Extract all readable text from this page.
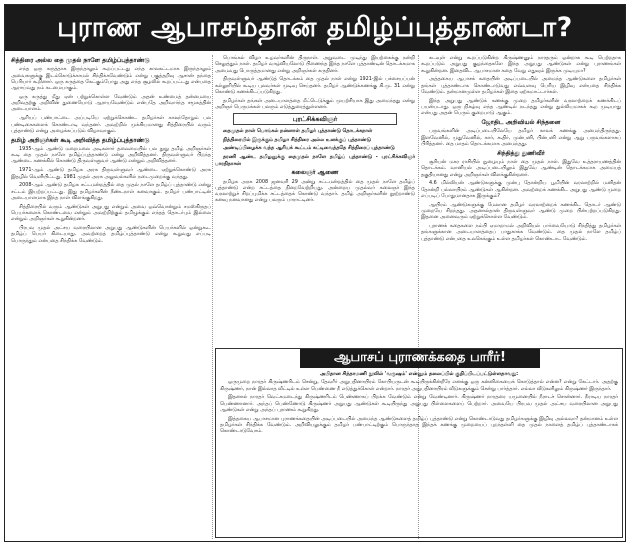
புராண ஆபாசம்தான் தமிழ்ப்புத்தாண்டா?
சித்திரை அல்ல தை முதல் நாளே தமிழ்ப்புத்தாண்டு

எந்த ஒரு கருத்தாக இருந்தாலும் கூறப்பட்டது எந்த காலகட்டமாக இருந்தாலும் அவைகளுக்கு இடம்கொடுக்காமல் சிந்திக்கவேண்டும் என்று பகுத்தறிவு ஆசான் தந்தை பெரியார் கூறினார். ஒரு கருத்தை கேட்கும்போது அது எந்த சூழலில் கூறப்பட்டது என்பதை ஆராய்வது நம் கடமையாகும்.

ஒரு கருத்து மீது ஏன் பற்றுக்கொள்ள வேண்டும் அதன் உண்மைத் தன்மையை அறிவதற்கு அறிவின் துணையோடு ஆராயவேண்டும் என்பதே அறிவார்ந்த சமூகத்தின் அடையாளம்.

ஆரியப் பண்பாட்டை அப்படியே ஏற்றுக்கொண்ட தமிழர்கள் காலந்தோறும் பல பண்டிகைகளைக் கொண்டாடி வந்தனர். அவற்றில் முக்கியமானது சித்திரையில் வரும் புத்தாண்டு என்று அழைக்கப்படும் விழாவாகும்.

தமிழ் அறிஞர்கள் கூடி அறிவித்த தமிழ்ப்புத்தாண்டு

1935-ஆம் ஆண்டு மறைமலை அடிகளார் தலைமையில் பல நூறு தமிழ் அறிஞர்கள் கூடி தை முதல் நாளே தமிழ்ப்புத்தாண்டு என்று அறிவித்தனர். திருவள்ளுவர் பிறந்த ஆண்டை கணக்கில் கொண்டு திருவள்ளுவர் ஆண்டு என்றும் அறிவித்தனர்.

1971-ஆம் ஆண்டு தமிழக அரசு திருவள்ளுவர் ஆண்டை ஏற்றுக்கொண்டு அரசு இதழில் வெளியிட்டது. 1981 முதல் அரசு அலுவல்களில் நடைமுறைக்கு வந்தது.

2008-ஆம் ஆண்டு தமிழக சட்டமன்றத்தில் தை முதல் நாளே தமிழ்ப் புத்தாண்டு என்று சட்டம் இயற்றப்பட்டது. இது தமிழர்களின் நீண்டநாள் கனவாகும். தமிழர் பண்பாட்டின் அடையாளமாக இந்த நாள் விளங்குகிறது.

சித்திரையில் வரும் ஆண்டுகள் அறுபது என்றும் அவை ஒவ்வொன்றும் சமஸ்கிருதப் பெயர்களைக் கொண்டவை என்றும் அவற்றிற்கும் தமிழுக்கும் எந்தத் தொடர்பும் இல்லை என்றும் அறிஞர்கள் கூறுகின்றனர்.

பிரபவ முதல் அட்சய வரையிலான அறுபது ஆண்டுகளின் பெயர்களில் ஒன்றுகூட தமிழ்ப் பெயர் கிடையாது. அவற்றைத் தமிழ்ப்புத்தாண்டு என்று கூறுவது எப்படி பொருந்தும் என்பதை சிந்திக்க வேண்டும்.

பொங்கல் விழா உழவர்களின் திருநாள். அறுவடை முடிந்து இயற்கைக்கு நன்றி செலுத்தும் நாள். தமிழர் வாழ்வியலோடு பிணைந்த இந்த நாளே புத்தாண்டின் தொடக்கமாக அமைவது பொருத்தமானது என்று அறிஞர்கள் கருதினர்.

திருவள்ளுவர் ஆண்டுத் தொடக்கம் தை முதல் நாள் என்று 1921-இல் பச்சையப்பன் கல்லூரியில் கூடிய புலவர்கள் முடிவு செய்தனர். தமிழர் ஆண்டுக்கணக்கு கி.மு. 31 என்று கொண்டு கணக்கிடப்படுகிறது.

தமிழர்கள் தங்கள் அடையாளத்தை மீட்டெடுக்கும் முயற்சியாக இது அமைந்தது என்று அறிஞர் பெருமக்கள் பலரும் எடுத்துரைத்துள்ளனர்.

புரட்சிக்கவிஞர்

தைமுதல் நாள் பொங்கல் நன்னாள் தமிழர் புத்தாண்டு தொடக்கநாள்

நித்திரையில் இருக்கும் தமிழா சித்திரை அல்ல உனக்குப் புத்தாண்டு

அண்டிப்பிழைக்க வந்த ஆரியக் கூட்டம் கட்டிவைத்ததே சித்திரைப் புத்தாண்டு

தரணி ஆண்ட தமிழனுக்கு தைமுதல் நாளே தமிழ்ப் புத்தாண்டு - புரட்சிக்கவிஞர் பாரதிதாசன்

கலைஞர் ஆணை

தமிழக அரசு 2008 ஜனவரி 29 அன்று சட்டமன்றத்தில் தை முதல் நாளே தமிழ்ப் புத்தாண்டு என்ற சட்டத்தை நிறைவேற்றியது. அன்றைய முதல்வர் கலைஞர் இந்த வரலாற்றுச் சிறப்புமிக்க சட்டத்தைக் கொண்டு வந்தார். தமிழ் அறிஞர்களின் நூற்றாண்டு கனவு நனவானது என்று பலரும் பாராட்டினர்.

கடவுள் என்று கூறப்படுகின்ற கிருஷ்ணனும் நாரதரும் ஒன்றாக கூடி பெற்றதாக கூறப்படும் அறுபது குழந்தைகளே இந்த அறுபது ஆண்டுகள் என்று புராணங்கள் கூறுகின்றன. இதைவிட ஆபாசமான கதை வேறு எதுவும் இருக்க முடியுமா?

அத்தகைய ஆபாசக் கதையின் அடிப்படையில் அமைந்த ஆண்டுகளை தமிழர்கள் தங்கள் புத்தாண்டாக கொண்டாடுவது எவ்வளவு பெரிய இழிவு என்பதை சிந்திக்க வேண்டும். தன்மானமுள்ள தமிழர்கள் இதை ஏற்கமாட்டார்கள்.

இந்த அறுபது ஆண்டுக் கணக்கு முறை தமிழர்களின் வரலாற்றைக் கணக்கிடப் பயன்படாது. ஒரு நிகழ்வு எந்த ஆண்டில் நடந்தது என்று துல்லியமாகக் கூற முடியாது என்பது அதன் பெரும் குறைபாடு ஆகும்.

ஜோதிட அறிவியல் சிந்தனை

பருவங்களின் அடிப்படையிலேயே தமிழர் காலக் கணக்கு அமைந்திருந்தது. இளவேனில், முதுவேனில், கார், கூதிர், முன்பனி, பின்பனி என்று ஆறு பருவங்களாகப் பிரித்தனர். தை மாதம் தொடக்கமாக அமைந்தது.

சிந்தித்து துணிவீர்

சூரியன் மகர ராசியில் நுழையும் நாள் தை முதல் நாள். இதுவே உத்தராயணத்தின் தொடக்கம். வானியல் அடிப்படையிலும் இதுவே ஆண்டின் தொடக்கமாக அமையத் தகுதியானது என்று அறிஞர்கள் விளக்குகின்றனர்.

4.6 மில்லியன் ஆண்டுகளுக்கு முன்பு தோன்றிய பூமியின் வரலாற்றில் மனிதன் தோன்றி பல்லாயிரம் ஆண்டுகள் ஆகின்றன. அவற்றைக் கணக்கிட அறுபது ஆண்டு முறை எப்படிப் போதுமானதாக இருக்கும்?

ஆயிரம் ஆண்டுகளுக்கு மேலான தமிழர் வரலாற்றைக் கணக்கிட தொடர் ஆண்டு முறையே சிறந்தது. அதனால்தான் திருவள்ளுவர் ஆண்டு முறை பின்பற்றப்படுகிறது. இதனை அனைவரும் ஏற்றுக்கொள்ள வேண்டும்.

புராணக் கதைகளை நம்பி ஏமாறாமல் அறிவியல் பார்வையோடு சிந்தித்து தமிழர்கள் தங்களுக்கான அடையாளத்தைப் பாதுகாக்க வேண்டும். தை முதல் நாளே தமிழ்ப் புத்தாண்டு என்பதை உலகெங்கும் உள்ள தமிழர்கள் கொண்டாட வேண்டும்.

ஆபாசப் புராணக்கதை பாரீர்!
அபிதான சிந்தாமணி நூலில் 'வருஷம்' என்னும் தலைப்பில் குறிப்பிடப்பட்டுள்ளதாவது:

ஒருமுறை நாரதர் கிருஷ்ணரிடம் சென்று, தேவரீர் அறுபதினாயிரம் கோபியருடன் கூடியிருக்கின்றீரே எனக்கு ஒரு கன்னிகையைக் கொடுத்தால் என்ன? என்று கேட்டார். அதற்கு கிருஷ்ணர், நான் இல்லாத வீட்டில் உள்ள பெண்ணை நீ எடுத்துக்கொள் என்றார். நாரதர் அறுபதினாயிரம் வீடுகளுக்கும் சென்று பார்த்தார். எல்லா வீடுகளிலும் கிருஷ்ணர் இருந்தார்.

இதனால் நாரதர் வெட்கமடைந்து கிருஷ்ணரிடம் பெண்ணாகப் பிறக்க வேண்டும் என்று வேண்டினார். கிருஷ்ணர் நாரதரை யமுனையில் நீராடச் சொன்னார். நீராடிய நாரதர் பெண்ணானார். அந்தப் பெண்ணோடு கிருஷ்ணர் அறுபது ஆண்டுகள் கூடியிருந்து அறுபது பிள்ளைகளைப் பெற்றார். அவையே பிரபவ முதல் அட்சய வரையிலான அறுபது ஆண்டுகள் என்று அந்தப் புராணம் கூறுகிறது.

இத்தகைய ஆபாசமான புராணக்கதையின் அடிப்படையில் அமைந்த ஆண்டுகளைத் தமிழ்ப் புத்தாண்டு என்று கொண்டாடுவது தமிழர்களுக்கு இழிவு அல்லவா? தன்மானம் உள்ள தமிழர்கள் சிந்திக்க வேண்டும். அறிவியலுக்கும் தமிழர் பண்பாட்டிற்கும் பொருந்தாத இந்தக் கணக்கு முறையைப் புறந்தள்ளி தை முதல் நாளைத் தமிழ்ப் புத்தாண்டாகக் கொண்டாடுவோம்.
